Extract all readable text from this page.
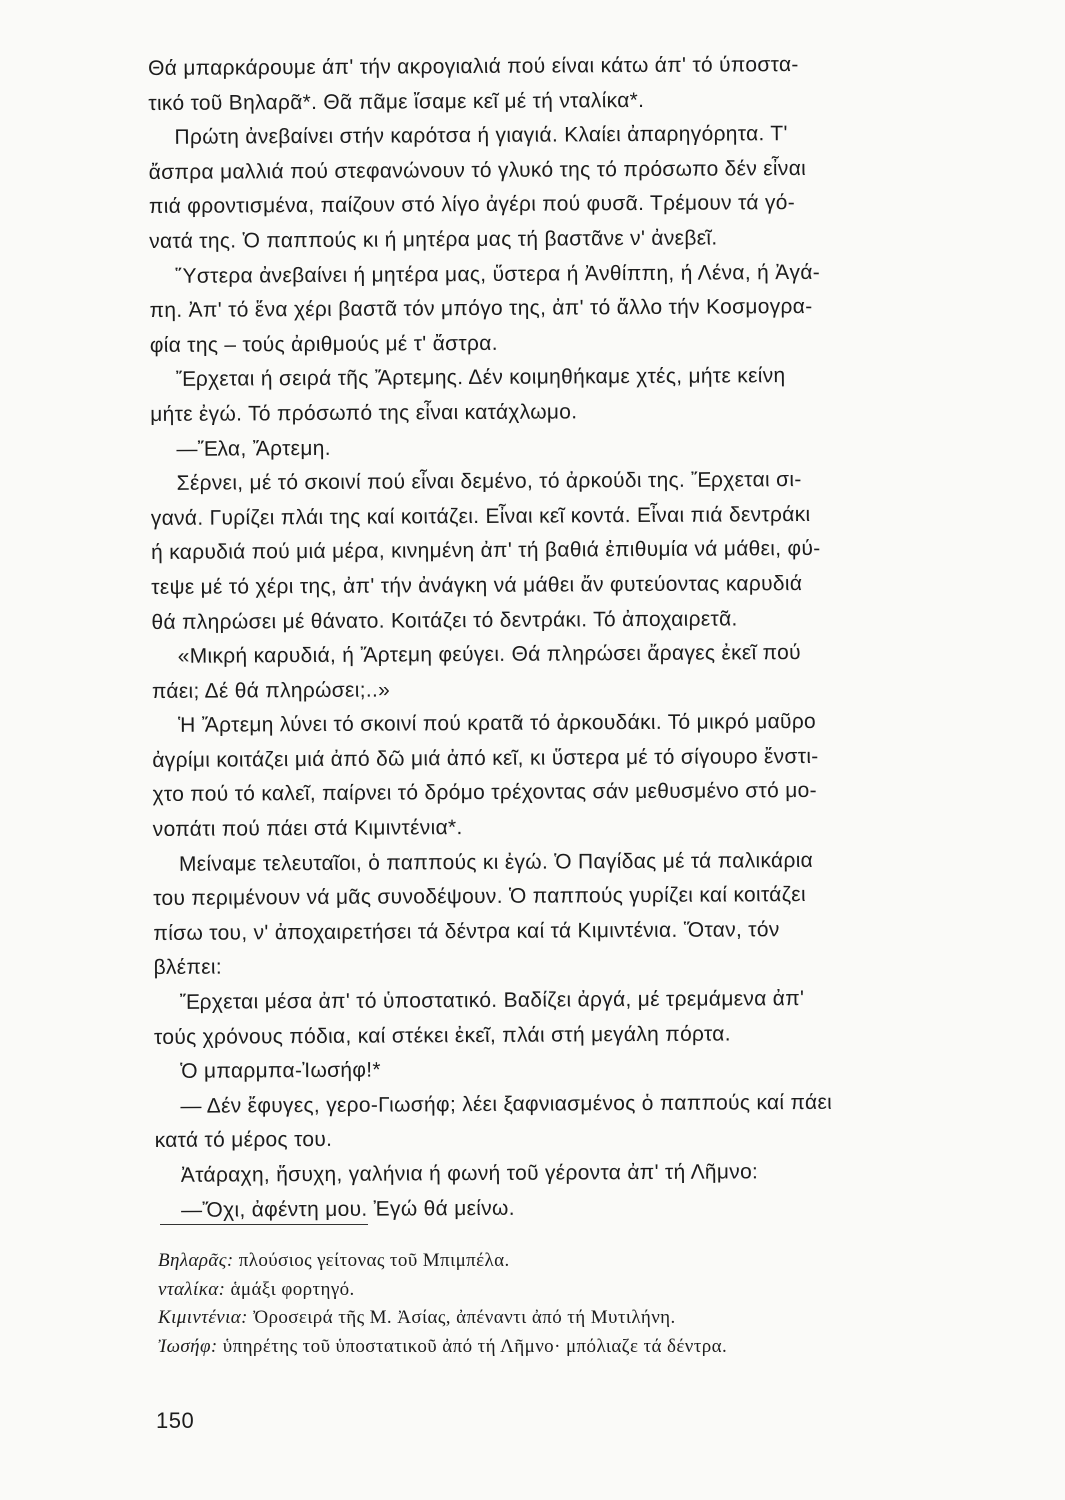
Θά μπαρκάρουμε άπ' τήν ακρογιαλιά πού είναι κάτω άπ' τό ύποστα-
τικό τοῦ Βηλαρᾶ*. Θᾶ πᾶμε ἴσαμε κεῖ μέ τή νταλίκα*.
Πρώτη ἀνεβαίνει στήν καρότσα ή γιαγιά. Κλαίει ἀπαρηγόρητα. Τ'
ἄσπρα μαλλιά πού στεφανώνουν τό γλυκό της τό πρόσωπο δέν εἶναι
πιά φροντισμένα, παίζουν στό λίγο ἀγέρι πού φυσᾶ. Τρέμουν τά γό-
νατά της. Ὁ παππούς κι ή μητέρα μας τή βαστᾶνε ν' ἀνεβεῖ.
Ὕστερα ἀνεβαίνει ή μητέρα μας, ὕστερα ή Ἀνθίππη, ή Λένα, ή Ἀγά-
πη. Ἀπ' τό ἕνα χέρι βαστᾶ τόν μπόγο της, ἀπ' τό ἄλλο τήν Κοσμογρα-
φία της – τούς ἀριθμούς μέ τ' ἄστρα.
Ἔρχεται ή σειρά τῆς Ἄρτεμης. Δέν κοιμηθήκαμε χτές, μήτε κείνη
μήτε ἐγώ. Τό πρόσωπό της εἶναι κατάχλωμο.
—Ἔλα, Ἄρτεμη.
Σέρνει, μέ τό σκοινί πού εἶναι δεμένο, τό ἀρκούδι της. Ἔρχεται σι-
γανά. Γυρίζει πλάι της καί κοιτάζει. Εἶναι κεῖ κοντά. Εἶναι πιά δεντράκι
ή καρυδιά πού μιά μέρα, κινημένη ἀπ' τή βαθιά ἐπιθυμία νά μάθει, φύ-
τεψε μέ τό χέρι της, ἀπ' τήν ἀνάγκη νά μάθει ἄν φυτεύοντας καρυδιά
θά πληρώσει μέ θάνατο. Κοιτάζει τό δεντράκι. Τό ἀποχαιρετᾶ.
«Μικρή καρυδιά, ή Ἄρτεμη φεύγει. Θά πληρώσει ἄραγες ἐκεῖ πού
πάει; Δέ θά πληρώσει;..»
Ἡ Ἄρτεμη λύνει τό σκοινί πού κρατᾶ τό ἀρκουδάκι. Τό μικρό μαῦρο
ἀγρίμι κοιτάζει μιά ἀπό δῶ μιά ἀπό κεῖ, κι ὕστερα μέ τό σίγουρο ἔνστι-
χτο πού τό καλεῖ, παίρνει τό δρόμο τρέχοντας σάν μεθυσμένο στό μο-
νοπάτι πού πάει στά Κιμιντένια*.
Μείναμε τελευταῖοι, ὁ παππούς κι ἐγώ. Ὁ Παγίδας μέ τά παλικάρια
του περιμένουν νά μᾶς συνοδέψουν. Ὁ παππούς γυρίζει καί κοιτάζει
πίσω του, ν' ἀποχαιρετήσει τά δέντρα καί τά Κιμιντένια. Ὅταν, τόν
βλέπει:
Ἔρχεται μέσα ἀπ' τό ὑποστατικό. Βαδίζει ἀργά, μέ τρεμάμενα ἀπ'
τούς χρόνους πόδια, καί στέκει ἐκεῖ, πλάι στή μεγάλη πόρτα.
Ὁ μπαρμπα-Ἰωσήφ!*
— Δέν ἔφυγες, γερο-Γιωσήφ; λέει ξαφνιασμένος ὁ παππούς καί πάει
κατά τό μέρος του.
Ἀτάραχη, ἥσυχη, γαλήνια ή φωνή τοῦ γέροντα ἀπ' τή Λῆμνο:
—Ὄχι, ἀφέντη μου. Ἐγώ θά μείνω.
Βηλαρᾶς: πλούσιος γείτονας τοῦ Μπιμπέλα.
νταλίκα: ἁμάξι φορτηγό.
Κιμιντένια: Ὀροσειρά τῆς Μ. Ἀσίας, ἀπέναντι ἀπό τή Μυτιλήνη.
Ἰωσήφ: ὑπηρέτης τοῦ ὑποστατικοῦ ἀπό τή Λῆμνο· μπόλιαζε τά δέντρα.
150
